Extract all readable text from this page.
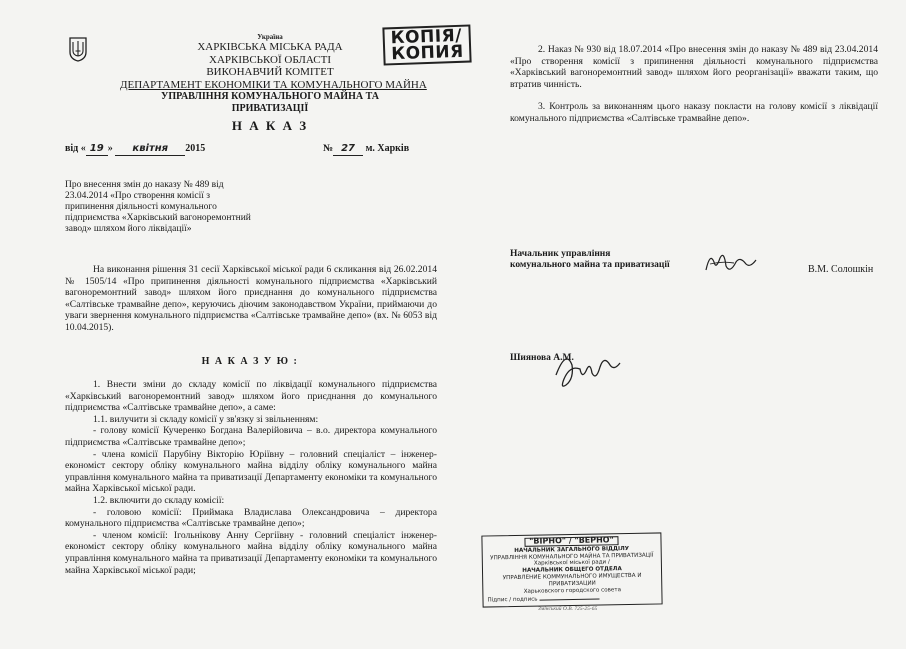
Україна
ХАРКІВСЬКА МІСЬКА РАДА
ХАРКІВСЬКОЇ ОБЛАСТІ
ВИКОНАВЧИЙ КОМІТЕТ
ДЕПАРТАМЕНТ ЕКОНОМІКИ ТА КОМУНАЛЬНОГО МАЙНА
УПРАВЛІННЯ КОМУНАЛЬНОГО МАЙНА ТА
ПРИВАТИЗАЦІЇ
Н А К А З
КОПІЯ/
КОПИЯ
від « 19 » квітня 2015	№ 27 м. Харків
Про внесення змін до наказу № 489 від
23.04.2014 «Про створення комісії з
припинення діяльності комунального
підприємства «Харківський вагоноремонтний
завод» шляхом його ліквідації»

На виконання рішення 31 сесії Харківської міської ради 6 скликання від 26.02.2014 № 1505/14 «Про припинення діяльності комунального підприємства «Харківський вагоноремонтний завод» шляхом його приєднання до комунального підприємства «Салтівське трамвайне депо», керуючись діючим законодавством України, приймаючи до уваги звернення комунального підприємства «Салтівське трамвайне депо» (вх. № 6053 від 10.04.2015).

Н А К А З У Ю :

1. Внести зміни до складу комісії по ліквідації комунального підприємства «Харківський вагоноремонтний завод» шляхом його приєднання до комунального підприємства «Салтівське трамвайне депо», а саме:

1.1. вилучити зі складу комісії у зв'язку зі звільненням:

- голову комісії Кучеренко Богдана Валерійовича – в.о. директора комунального підприємства «Салтівське трамвайне депо»;

- члена комісії Парубіну Вікторію Юріївну – головний спеціаліст – інженер-економіст сектору обліку комунального майна відділу обліку комунального майна управління комунального майна та приватизації Департаменту економіки та комунального майна Харківської міської ради.

1.2. включити до складу комісії:

- головою комісії: Приймака Владислава Олександровича – директора комунального підприємства «Салтівське трамвайне депо»;

- членом комісії: Ігольнікову Анну Сергіївну - головний спеціаліст інженер-економіст сектору обліку комунального майна відділу обліку комунального майна управління комунального майна та приватизації Департаменту економіки та комунального майна Харківської міської ради;

2. Наказ № 930 від 18.07.2014 «Про внесення змін до наказу № 489 від 23.04.2014 «Про створення комісії з припинення діяльності комунального підприємства «Харківський вагоноремонтний завод» шляхом його реорганізації» вважати таким, що втратив чинність.

3. Контроль за виконанням цього наказу покласти на голову комісії з ліквідації комунального підприємства «Салтівське трамвайне депо».

Начальник управління
комунального майна та приватизації	В.М. Солошкін
Шиянова А.М.
"ВІРНО" / "ВЕРНО"
НАЧАЛЬНИК ЗАГАЛЬНОГО ВІДДІЛУ
УПРАВЛІННЯ КОМУНАЛЬНОГО МАЙНА ТА ПРИВАТИЗАЦІЇ
Харківської міської ради /
НАЧАЛЬНИК ОБЩЕГО ОТДЕЛА
УПРАВЛЕНИЕ КОММУНАЛЬНОГО ИМУЩЕСТВА И ПРИВАТИЗАЦИИ
Харьковского городского совета
Підпис / подпись
Змінський О.В. 725-25-65
